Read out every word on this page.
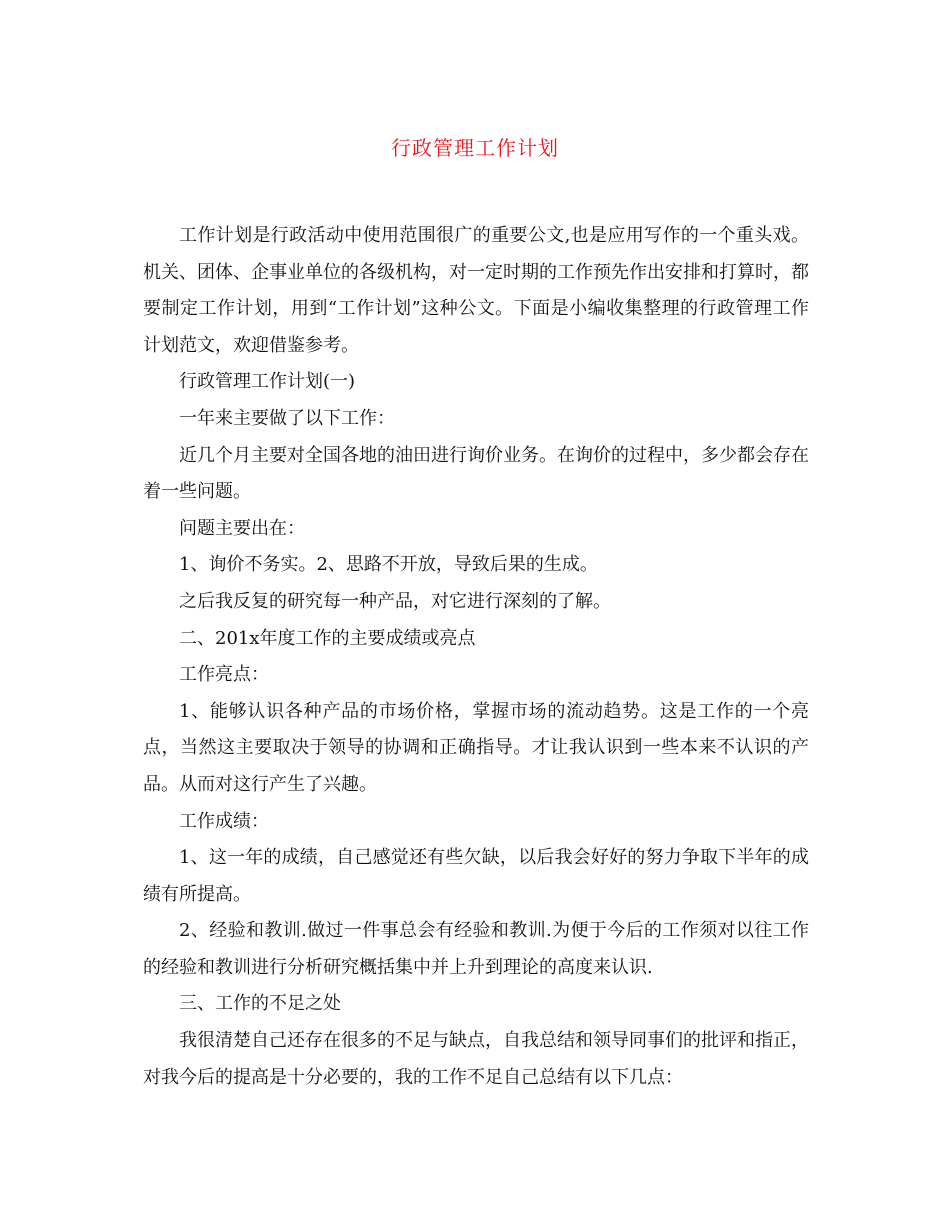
行政管理工作计划

工作计划是行政活动中使用范围很广的重要公文,也是应用写作的一个重头戏。机关、团体、企事业单位的各级机构，对一定时期的工作预先作出安排和打算时，都要制定工作计划，用到“工作计划”这种公文。下面是小编收集整理的行政管理工作计划范文，欢迎借鉴参考。

行政管理工作计划(一)

一年来主要做了以下工作：

近几个月主要对全国各地的油田进行询价业务。在询价的过程中，多少都会存在着一些问题。

问题主要出在：

1、询价不务实。2、思路不开放，导致后果的生成。

之后我反复的研究每一种产品，对它进行深刻的了解。

二、201x年度工作的主要成绩或亮点

工作亮点：

1、能够认识各种产品的市场价格，掌握市场的流动趋势。这是工作的一个亮点，当然这主要取决于领导的协调和正确指导。才让我认识到一些本来不认识的产品。从而对这行产生了兴趣。

工作成绩：

1、这一年的成绩，自己感觉还有些欠缺，以后我会好好的努力争取下半年的成绩有所提高。

2、经验和教训.做过一件事总会有经验和教训.为便于今后的工作须对以往工作的经验和教训进行分析研究概括集中并上升到理论的高度来认识.

三、工作的不足之处

我很清楚自己还存在很多的不足与缺点，自我总结和领导同事们的批评和指正，对我今后的提高是十分必要的，我的工作不足自己总结有以下几点：
